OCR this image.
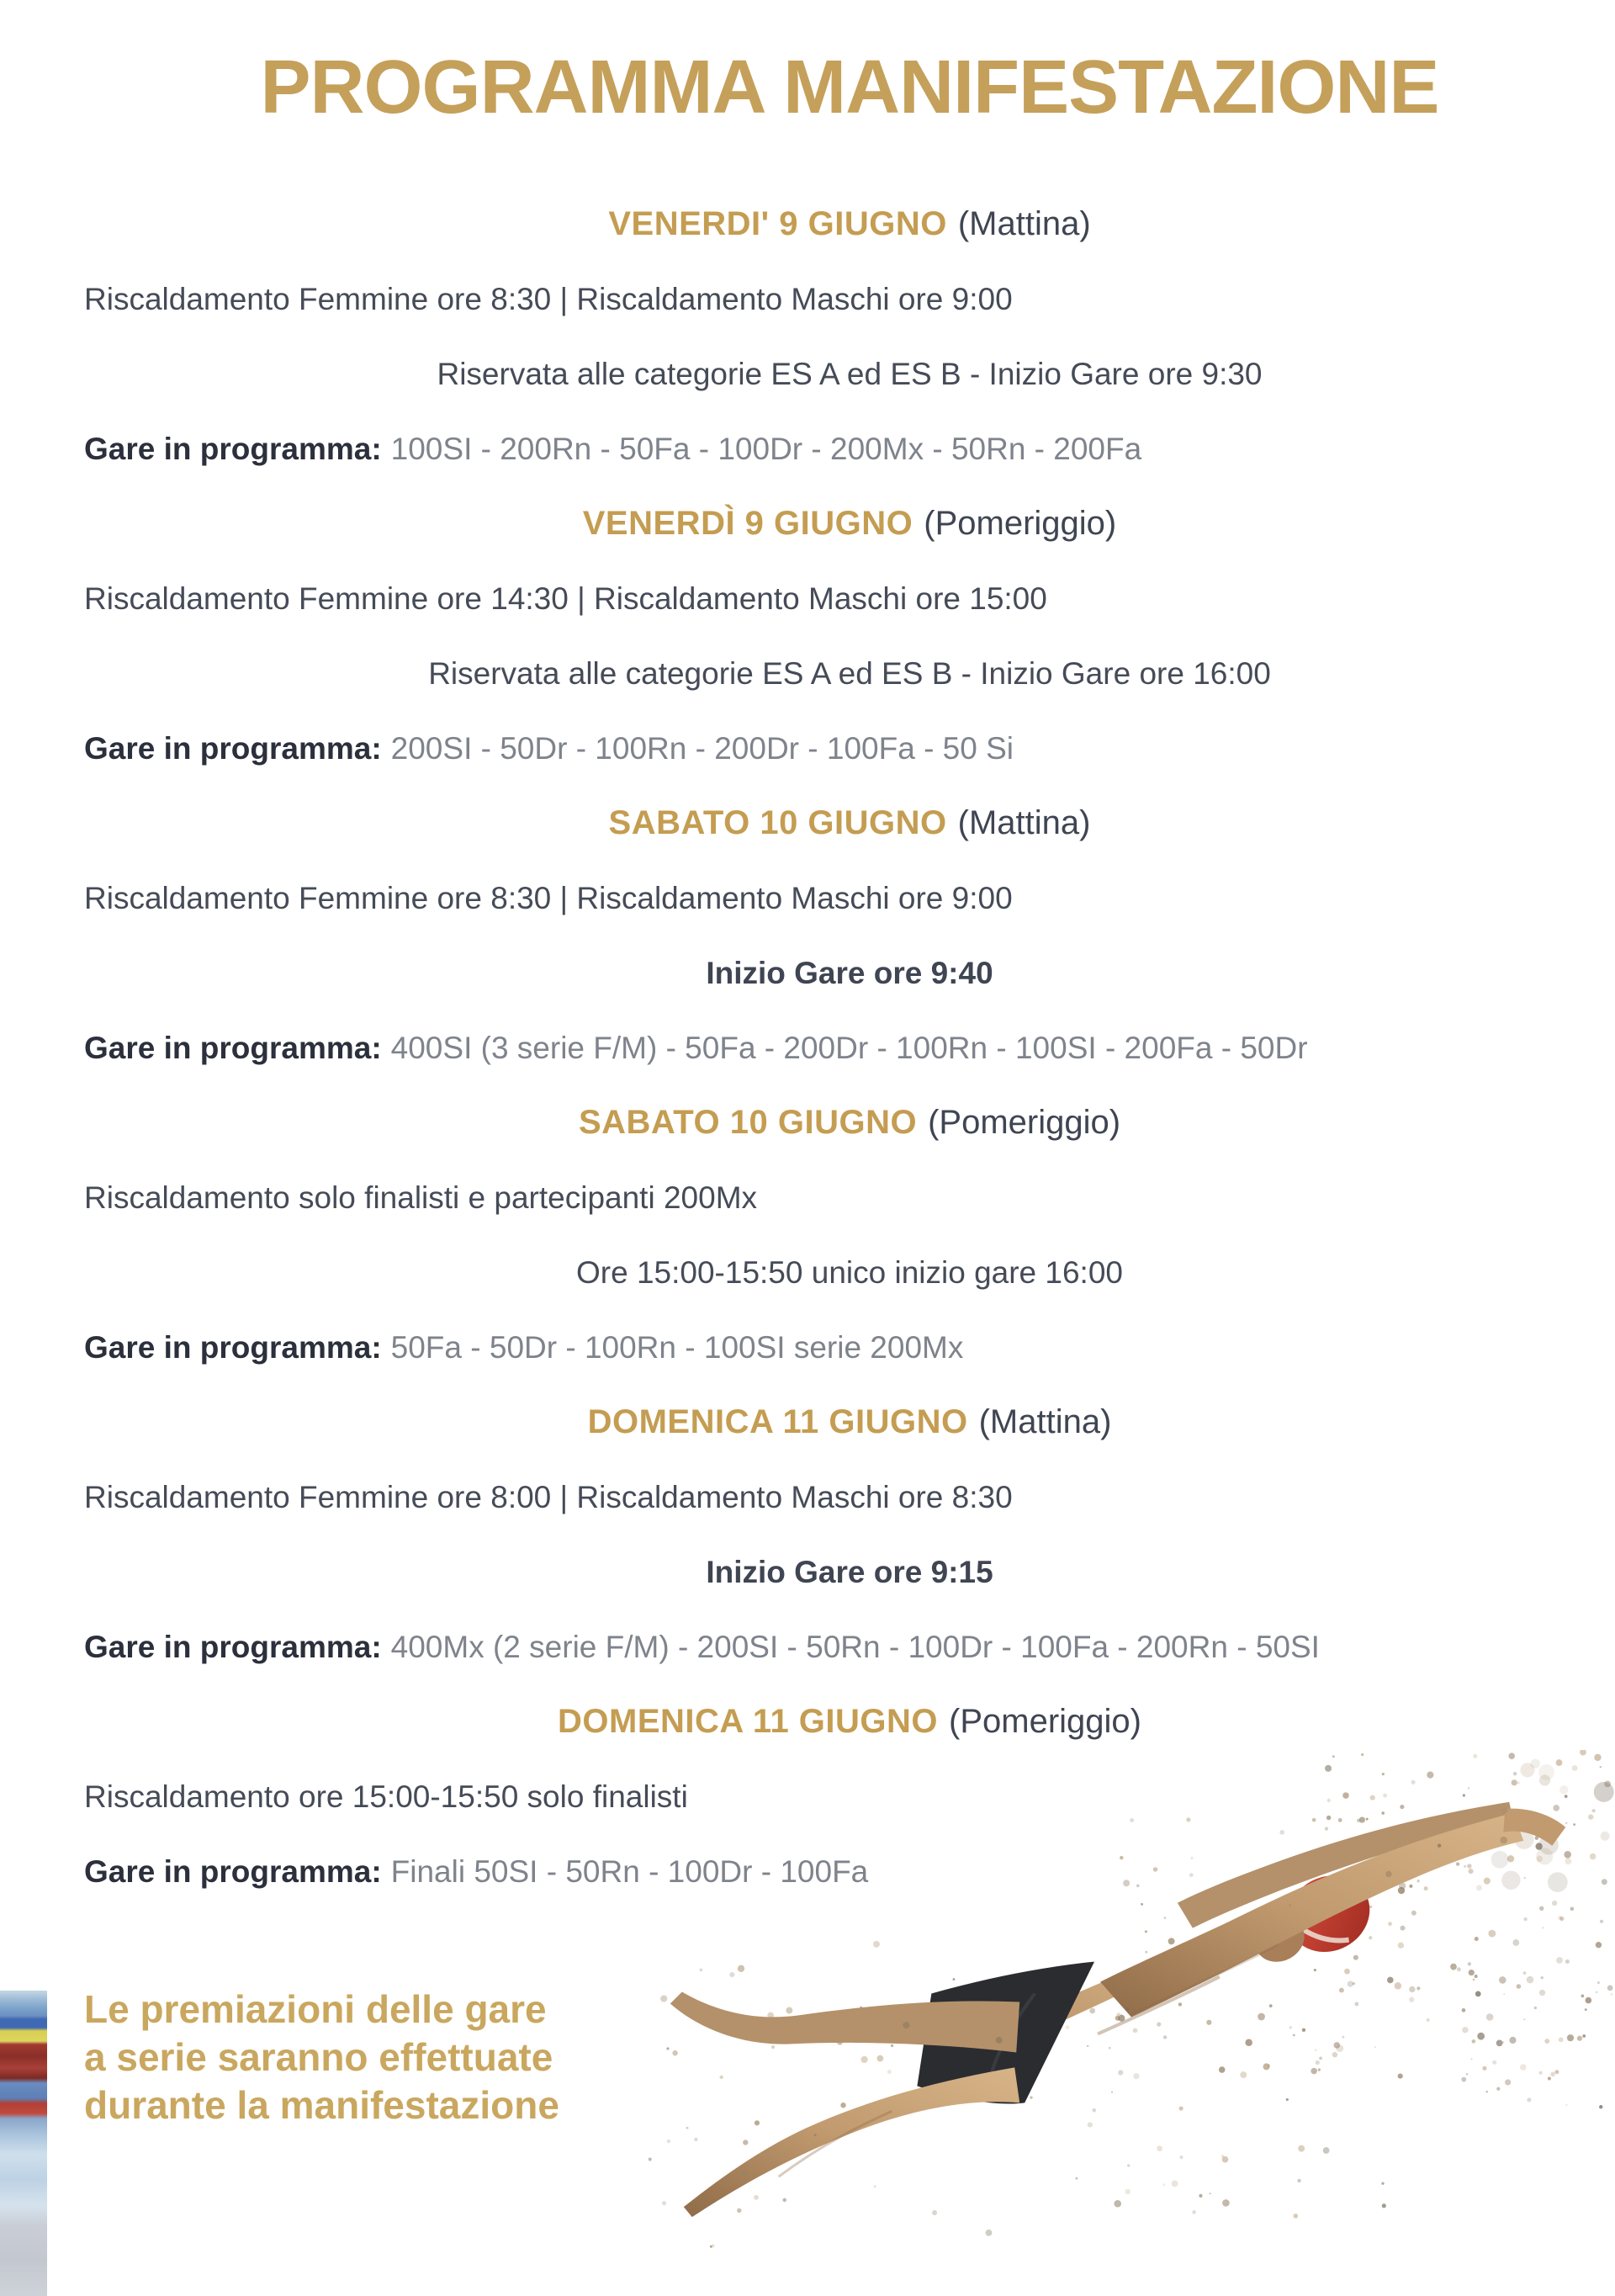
PROGRAMMA MANIFESTAZIONE

VENERDI' 9 GIUGNO (Mattina)

Riscaldamento Femmine ore 8:30 | Riscaldamento Maschi ore 9:00

Riservata alle categorie ES A ed ES B - Inizio Gare ore 9:30

Gare in programma: 100SI - 200Rn - 50Fa - 100Dr - 200Mx - 50Rn - 200Fa

VENERDÌ 9 GIUGNO (Pomeriggio)

Riscaldamento Femmine ore 14:30 | Riscaldamento Maschi ore 15:00

Riservata alle categorie ES A ed ES B - Inizio Gare ore 16:00

Gare in programma: 200SI - 50Dr - 100Rn - 200Dr - 100Fa - 50 Si

SABATO 10 GIUGNO (Mattina)

Riscaldamento Femmine ore 8:30 | Riscaldamento Maschi ore 9:00

Inizio Gare ore 9:40

Gare in programma: 400SI (3 serie F/M) - 50Fa - 200Dr - 100Rn - 100SI - 200Fa - 50Dr

SABATO 10 GIUGNO (Pomeriggio)

Riscaldamento solo finalisti e partecipanti 200Mx

Ore 15:00-15:50 unico inizio gare 16:00

Gare in programma: 50Fa - 50Dr - 100Rn - 100SI serie 200Mx

DOMENICA 11 GIUGNO (Mattina)

Riscaldamento Femmine ore 8:00 | Riscaldamento Maschi ore 8:30

Inizio Gare ore 9:15

Gare in programma: 400Mx (2 serie F/M) - 200SI - 50Rn - 100Dr - 100Fa - 200Rn - 50SI

DOMENICA 11 GIUGNO (Pomeriggio)

Riscaldamento ore 15:00-15:50 solo finalisti

Gare in programma: Finali 50SI - 50Rn - 100Dr - 100Fa

Le premiazioni delle gare
a serie saranno effettuate
durante la manifestazione
